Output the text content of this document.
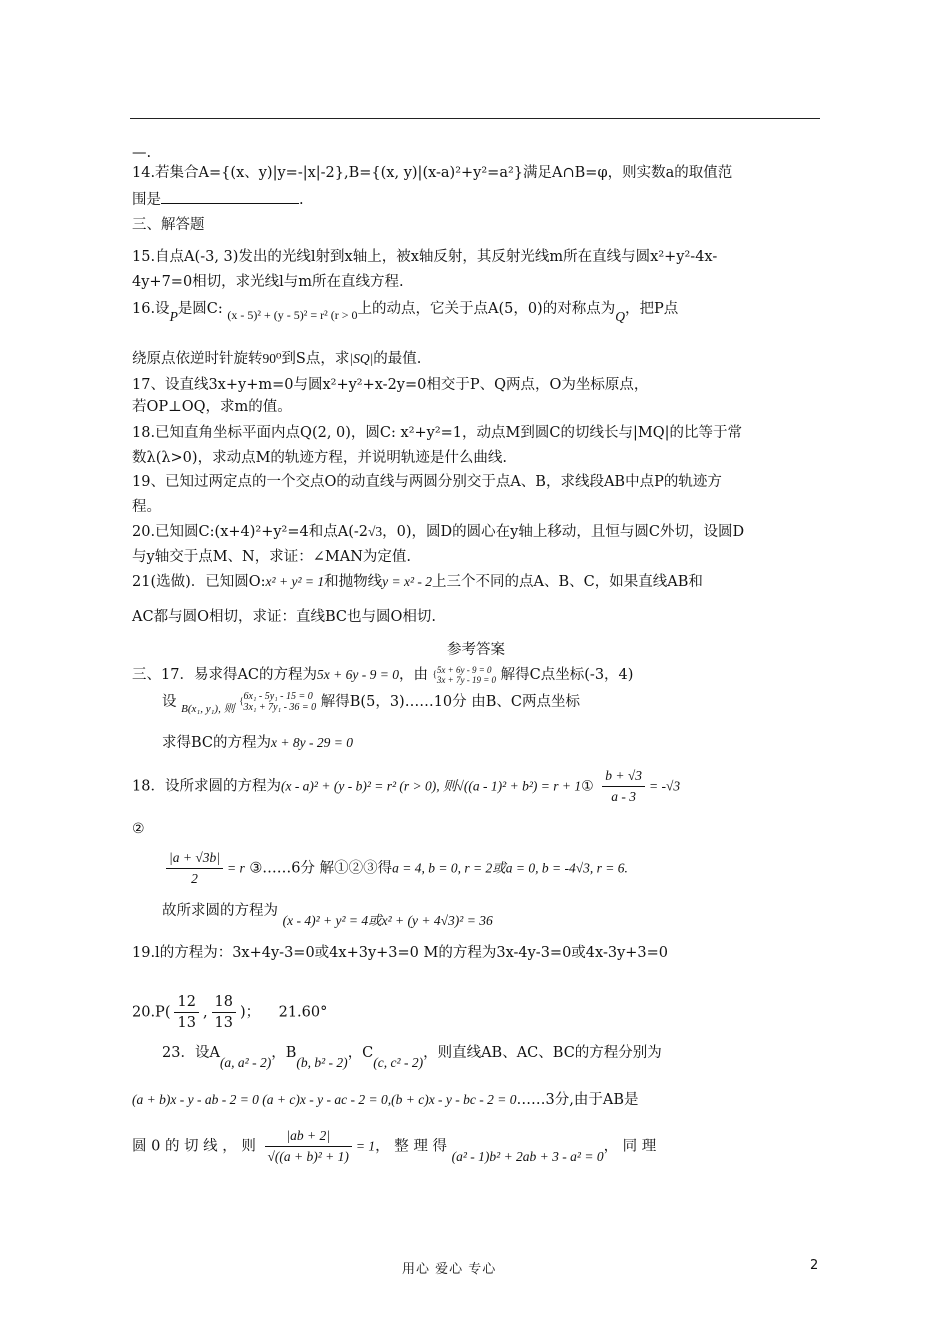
—.
14.若集合A={(x、y)|y=-|x|-2},B={(x, y)|(x-a)²+y²=a²}满足A∩B=φ，则实数a的取值范
围是	.
三、解答题
15.自点A(-3, 3)发出的光线l射到x轴上，被x轴反射，其反射光线m所在直线与圆x²+y²-4x-
4y+7=0相切，求光线l与m所在直线方程.
16.设P是圆C: $_{(x - 5)^2 + (y - 5)^2 = r^2 (r > 0}$上的动点，它关于点A(5，0)的对称点为Q，把P点
绕原点依逆时针旋转90⁰到S点，求|SQ|的最值.
17、设直线3x+y+m=0与圆x²+y²+x-2y=0相交于P、Q两点，O为坐标原点，
若OP⊥OQ，求m的值。
18.已知直角坐标平面内点Q(2, 0)，圆C: x²+y²=1，动点M到圆C的切线长与|MQ|的比等于常
数λ(λ>0)，求动点M的轨迹方程，并说明轨迹是什么曲线.
19、已知过两定点的一个交点O的动直线与两圆分别交于点A、B，求线段AB中点P的轨迹方
程。
20.已知圆C:(x+4)²+y²=4和点A(-2√3，0)，圆D的圆心在y轴上移动，且恒与圆C外切，设圆D
与y轴交于点M、N，求证：∠MAN为定值.
21(选做)．已知圆O:x² + y² = 1和抛物线y = x² - 2上三个不同的点A、B、C，如果直线AB和
AC都与圆O相切，求证：直线BC也与圆O相切.
参考答案
三、17．易求得AC的方程为5x + 6y - 9 = 0，由 { 5x + 6y - 9 = 0
3x + 7y - 19 = 0 解得C点坐标(-3，4)
设 $_{B(x_1, y_1), 则}$ { 6x₁ - 5y₁ - 15 = 0
3x₁ + 7y₁ - 36 = 0 解得B(5，3)……10分 由B、C两点坐标
求得BC的方程为x + 8y - 29 = 0
18．设所求圆的方程为(x - a)² + (y - b)² = r² (r > 0), 则√((a - 1)² + b²) = r + 1① $\frac{b + √3}{a - 3} = -√3$
②
$\frac{|a + √3b|}{2} = r$ ③……6分 解①②③得a = 4, b = 0, r = 2或a = 0, b = -4√3, r = 6.
故所求圆的方程为 (x - 4)² + y² = 4或x² + (y + 4√3)² = 36
19.l的方程为：3x+4y-3=0或4x+3y+3=0 M的方程为3x-4y-3=0或4x-3y+3=0
$20.P( \frac{12}{13}$ , $\frac{18}{13}$ )； 21.60°
23．设A(a, a² - 2)，B(b, b² - 2)，C(c, c² - 2)，则直线AB、AC、BC的方程分别为
(a + b)x - y - ab - 2 = 0 (a + c)x - y - ac - 2 = 0,(b + c)x - y - bc - 2 = 0……3分,由于AB是
圆 0 的 切 线 ， 则 $\frac{|ab + 2|}{\text{√((a + b)² + 1)}} = 1$， 整 理 得 (a² - 1)b² + 2ab + 3 - a² = 0， 同 理
用心 爱心 专心	2
